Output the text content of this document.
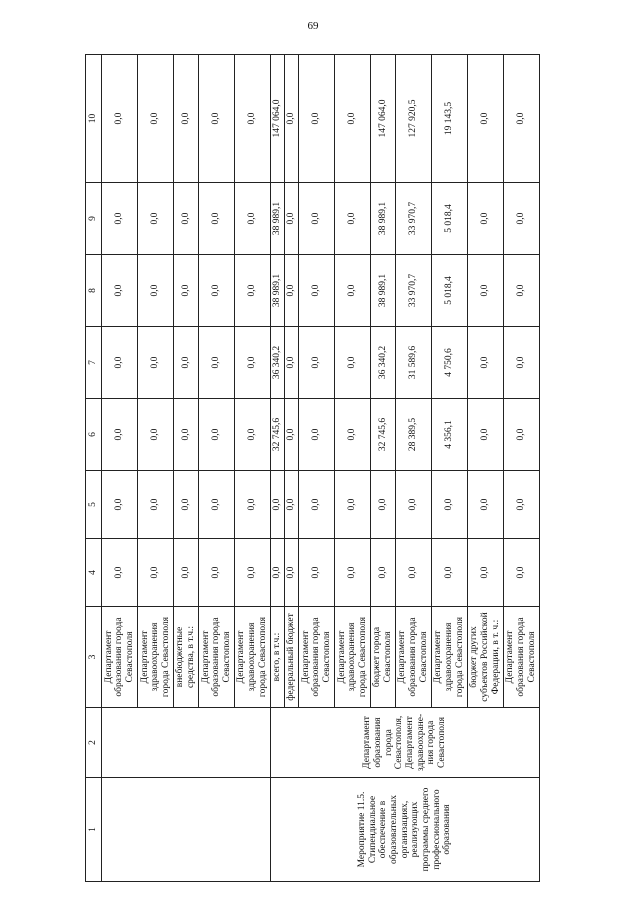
69
1	2	3	4	5	6	7	8	9	10
		Департамент образования города Севастополя	0,0	0,0	0,0	0,0	0,0	0,0	0,0
		Департамент здравоохранения города Севастополя	0,0	0,0	0,0	0,0	0,0	0,0	0,0
		внебюджетные средства, в т.ч.:	0,0	0,0	0,0	0,0	0,0	0,0	0,0
		Департамент образования города Севастополя	0,0	0,0	0,0	0,0	0,0	0,0	0,0
		Департамент здравоохранения города Севастополя	0,0	0,0	0,0	0,0	0,0	0,0	0,0
Мероприятие 11.5. Стипендиальное обеспечение в образовательных организациях, реализующих программы среднего профессионального образования	Департамент образования города Севастополя, Департамент здравоохране-ния города Севастополя	всего, в т.ч.:	0,0	0,0	32 745,6	36 340,2	38 989,1	38 989,1	147 064,0
		федеральный бюджет	0,0	0,0	0,0	0,0	0,0	0,0	0,0
		Департамент образования города Севастополя	0,0	0,0	0,0	0,0	0,0	0,0	0,0
		Департамент здравоохранения города Севастополя	0,0	0,0	0,0	0,0	0,0	0,0	0,0
		бюджет города Севастополя	0,0	0,0	32 745,6	36 340,2	38 989,1	38 989,1	147 064,0
		Департамент образования города Севастополя	0,0	0,0	28 389,5	31 589,6	33 970,7	33 970,7	127 920,5
		Департамент здравоохранения города Севастополя	0,0	0,0	4 356,1	4 750,6	5 018,4	5 018,4	19 143,5
		бюджет других субъектов Российской Федерации, в т. ч.:	0,0	0,0	0,0	0,0	0,0	0,0	0,0
		Департамент образования города Севастополя	0,0	0,0	0,0	0,0	0,0	0,0	0,0
